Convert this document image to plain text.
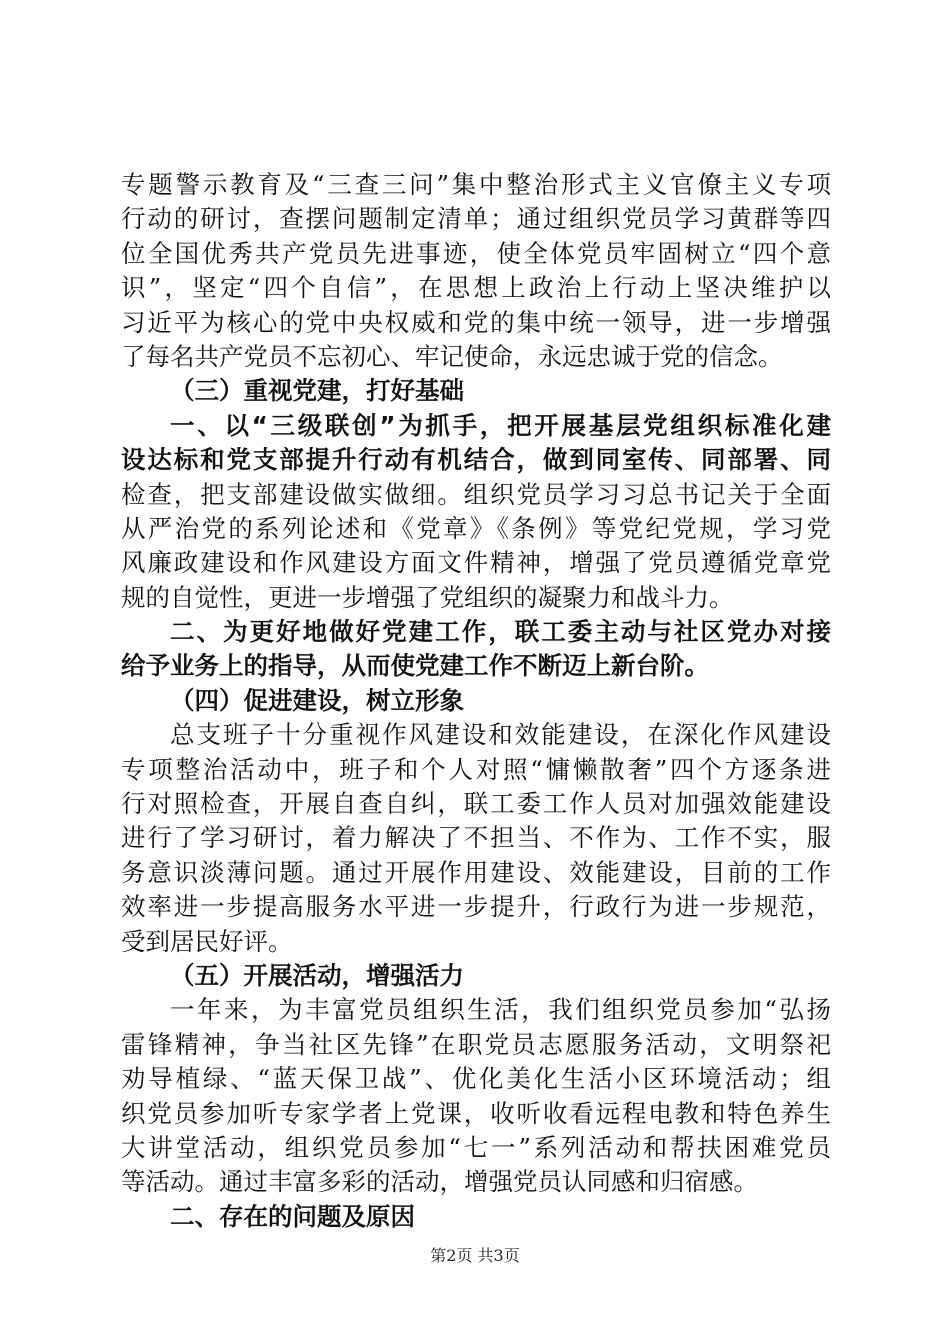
专题警示教育及“三查三问”集中整治形式主义官僚主义专项
行动的研讨，查摆问题制定清单；通过组织党员学习黄群等四
位全国优秀共产党员先进事迹，使全体党员牢固树立“四个意
识”，坚定“四个自信”，在思想上政治上行动上坚决维护以
习近平为核心的党中央权威和党的集中统一领导，进一步增强
了每名共产党员不忘初心、牢记使命，永远忠诚于党的信念。
（三）重视党建，打好基础
一、以“三级联创”为抓手，把开展基层党组织标准化建
设达标和党支部提升行动有机结合，做到同室传、同部署、同
检查，把支部建设做实做细。组织党员学习习总书记关于全面
从严治党的系列论述和《党章》《条例》等党纪党规，学习党
风廉政建设和作风建设方面文件精神，增强了党员遵循党章党
规的自觉性，更进一步增强了党组织的凝聚力和战斗力。
二、为更好地做好党建工作，联工委主动与社区党办对接
给予业务上的指导，从而使党建工作不断迈上新台阶。
（四）促进建设，树立形象
总支班子十分重视作风建设和效能建设，在深化作风建设
专项整治活动中，班子和个人对照“慵懒散奢”四个方逐条进
行对照检查，开展自查自纠，联工委工作人员对加强效能建设
进行了学习研讨，着力解决了不担当、不作为、工作不实，服
务意识淡薄问题。通过开展作用建设、效能建设，目前的工作
效率进一步提高服务水平进一步提升，行政行为进一步规范，
受到居民好评。
（五）开展活动，增强活力
一年来，为丰富党员组织生活，我们组织党员参加“弘扬
雷锋精神，争当社区先锋”在职党员志愿服务活动，文明祭祀
劝导植绿、“蓝天保卫战”、优化美化生活小区环境活动；组
织党员参加听专家学者上党课，收听收看远程电教和特色养生
大讲堂活动，组织党员参加“七一”系列活动和帮扶困难党员
等活动。通过丰富多彩的活动，增强党员认同感和归宿感。
二、存在的问题及原因
第2页 共3页
